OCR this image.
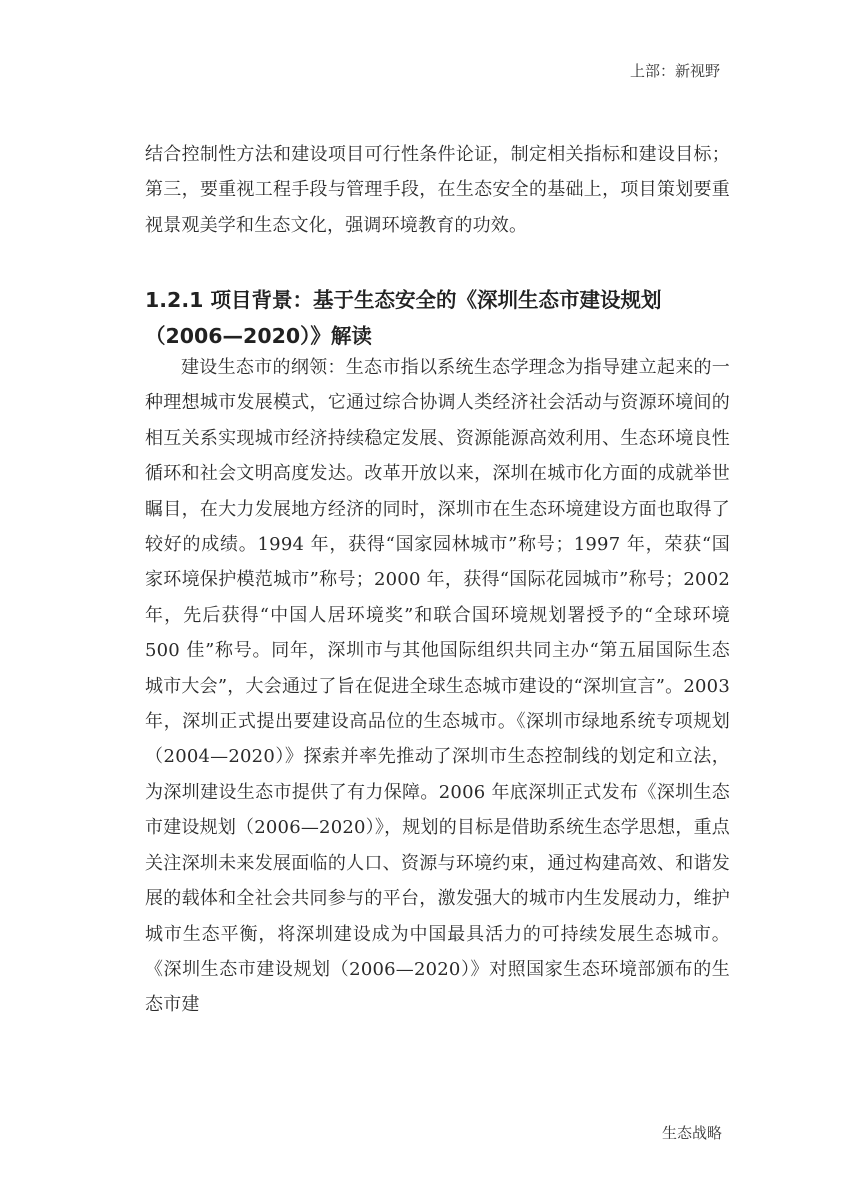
上部：新视野

结合控制性方法和建设项目可行性条件论证，制定相关指标和建设目标；第三，要重视工程手段与管理手段，在生态安全的基础上，项目策划要重视景观美学和生态文化，强调环境教育的功效。

1.2.1 项目背景：基于生态安全的《深圳生态市建设规划（2006—2020）》解读

建设生态市的纲领：生态市指以系统生态学理念为指导建立起来的一种理想城市发展模式，它通过综合协调人类经济社会活动与资源环境间的相互关系实现城市经济持续稳定发展、资源能源高效利用、生态环境良性循环和社会文明高度发达。改革开放以来，深圳在城市化方面的成就举世瞩目，在大力发展地方经济的同时，深圳市在生态环境建设方面也取得了较好的成绩。1994 年，获得“国家园林城市”称号；1997 年，荣获“国家环境保护模范城市”称号；2000 年，获得“国际花园城市”称号；2002 年，先后获得“中国人居环境奖”和联合国环境规划署授予的“全球环境 500 佳”称号。同年，深圳市与其他国际组织共同主办“第五届国际生态城市大会”，大会通过了旨在促进全球生态城市建设的“深圳宣言”。2003 年，深圳正式提出要建设高品位的生态城市。《深圳市绿地系统专项规划（2004—2020）》探索并率先推动了深圳市生态控制线的划定和立法，为深圳建设生态市提供了有力保障。2006 年底深圳正式发布《深圳生态市建设规划（2006—2020）》，规划的目标是借助系统生态学思想，重点关注深圳未来发展面临的人口、资源与环境约束，通过构建高效、和谐发展的载体和全社会共同参与的平台，激发强大的城市内生发展动力，维护城市生态平衡，将深圳建设成为中国最具活力的可持续发展生态城市。《深圳生态市建设规划（2006—2020）》对照国家生态环境部颁布的生态市建

生态战略
